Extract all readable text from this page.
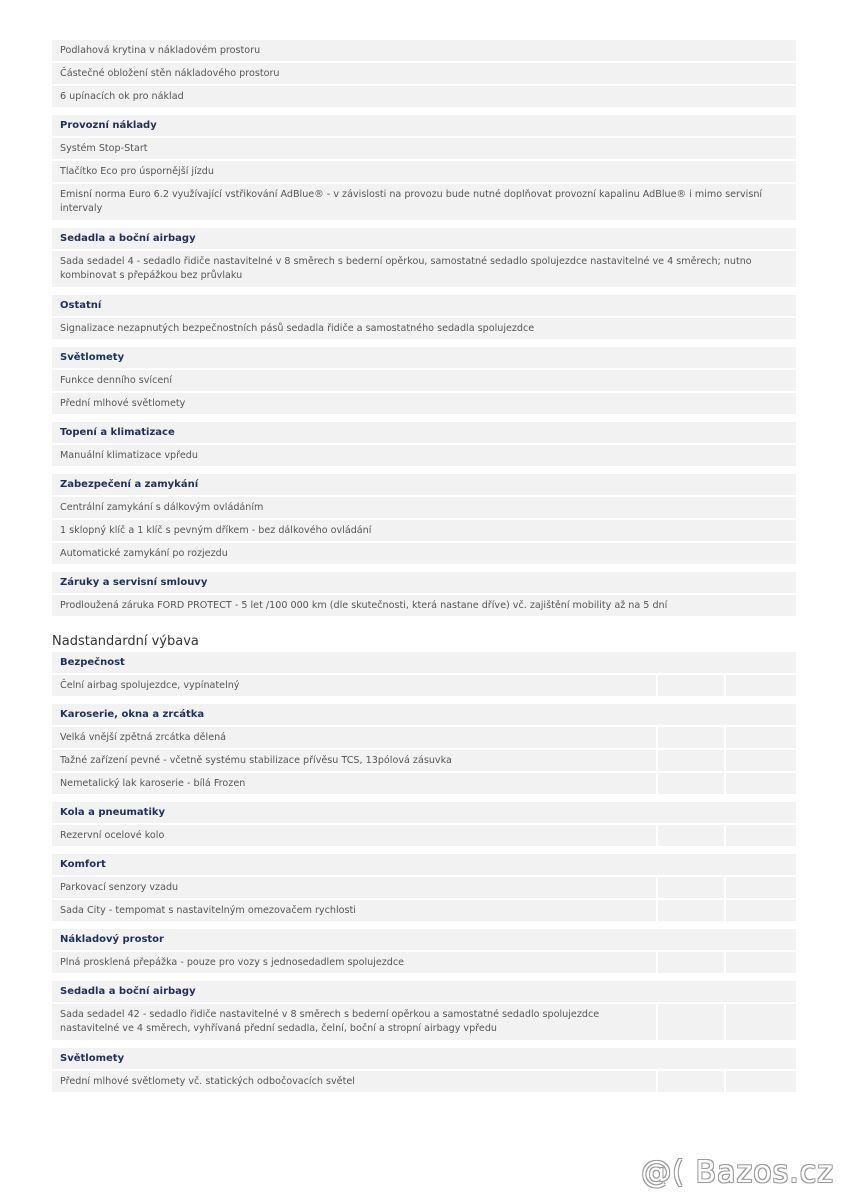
Podlahová krytina v nákladovém prostoru
Částečné obložení stěn nákladového prostoru
6 upínacích ok pro náklad
Provozní náklady
Systém Stop-Start
Tlačítko Eco pro úspornější jízdu
Emisní norma Euro 6.2 využívající vstřikování AdBlue® - v závislosti na provozu bude nutné doplňovat provozní kapalinu AdBlue® i mimo servisní intervaly
Sedadla a boční airbagy
Sada sedadel 4 - sedadlo řidiče nastavitelné v 8 směrech s bederní opěrkou, samostatné sedadlo spolujezdce nastavitelné ve 4 směrech; nutno kombinovat s přepážkou bez průvlaku
Ostatní
Signalizace nezapnutých bezpečnostních pásů sedadla řidiče a samostatného sedadla spolujezdce
Světlomety
Funkce denního svícení
Přední mlhové světlomety
Topení a klimatizace
Manuální klimatizace vpředu
Zabezpečení a zamykání
Centrální zamykání s dálkovým ovládáním
1 sklopný klíč a 1 klíč s pevným dříkem - bez dálkového ovládání
Automatické zamykání po rozjezdu
Záruky a servisní smlouvy
Prodloužená záruka FORD PROTECT - 5 let /100 000 km (dle skutečnosti, která nastane dříve) vč. zajištění mobility až na 5 dní
Nadstandardní výbava
Bezpečnost
Čelní airbag spolujezdce, vypínatelný
Karoserie, okna a zrcátka
Velká vnější zpětná zrcátka dělená
Tažné zařízení pevné - včetně systému stabilizace přívěsu TCS, 13pólová zásuvka
Nemetalický lak karoserie - bílá Frozen
Kola a pneumatiky
Rezervní ocelové kolo
Komfort
Parkovací senzory vzadu
Sada City - tempomat s nastavitelným omezovačem rychlosti
Nákladový prostor
Plná prosklená přepážka - pouze pro vozy s jednosedadlem spolujezdce
Sedadla a boční airbagy
Sada sedadel 42 - sedadlo řidiče nastavitelné v 8 směrech s bederní opěrkou a samostatné sedadlo spolujezdce nastavitelné ve 4 směrech, vyhřívaná přední sedadla, čelní, boční a stropní airbagy vpředu
Světlomety
Přední mlhové světlomety vč. statických odbočovacích světel
@( Bazos.cz
